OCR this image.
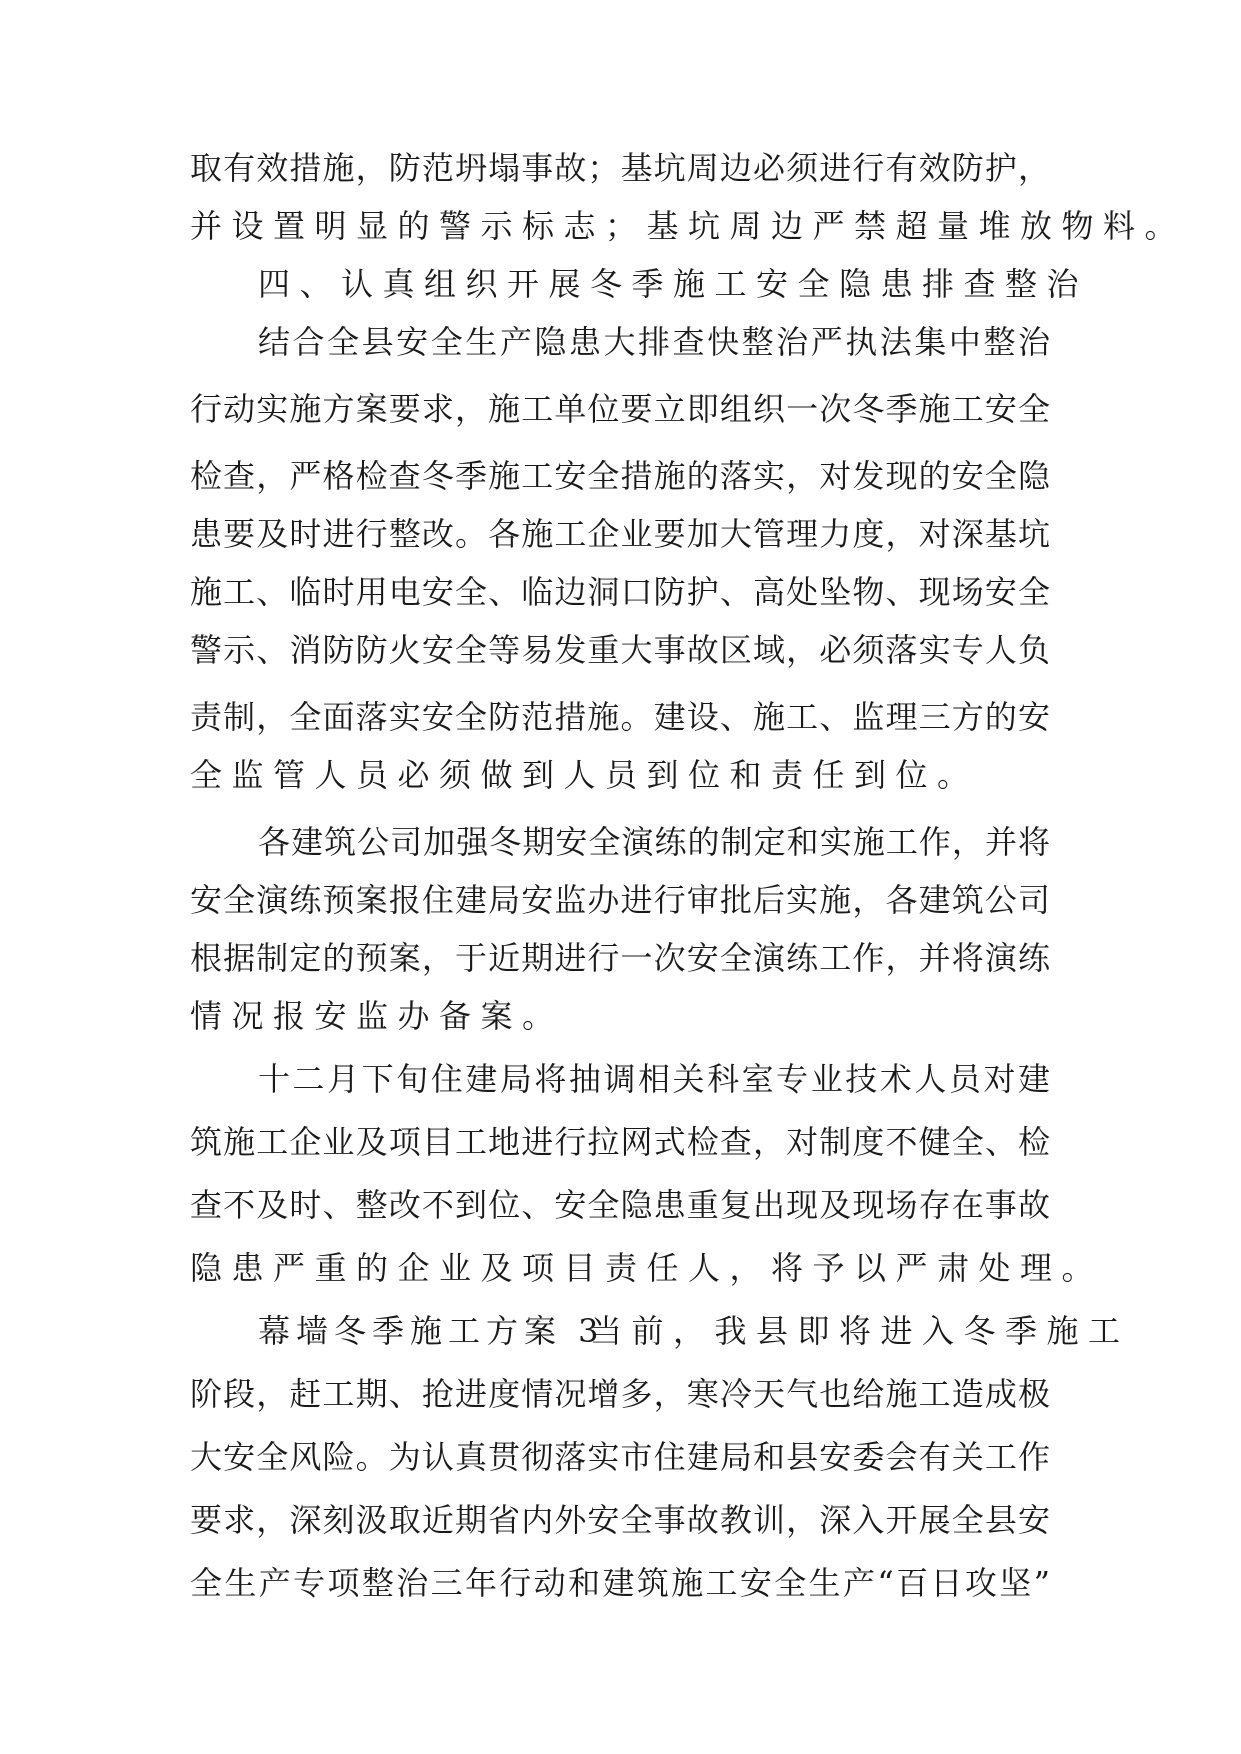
取有效措施，防范坍塌事故；基坑周边必须进行有效防护，
并设置明显的警示标志；基坑周边严禁超量堆放物料。
四、认真组织开展冬季施工安全隐患排查整治
结合全县安全生产隐患大排查快整治严执法集中整治
行动实施方案要求，施工单位要立即组织一次冬季施工安全
检查，严格检查冬季施工安全措施的落实，对发现的安全隐
患要及时进行整改。各施工企业要加大管理力度，对深基坑
施工、临时用电安全、临边洞口防护、高处坠物、现场安全
警示、消防防火安全等易发重大事故区域，必须落实专人负
责制，全面落实安全防范措施。建设、施工、监理三方的安
全监管人员必须做到人员到位和责任到位。
各建筑公司加强冬期安全演练的制定和实施工作，并将
安全演练预案报住建局安监办进行审批后实施，各建筑公司
根据制定的预案，于近期进行一次安全演练工作，并将演练
情况报安监办备案。
十二月下旬住建局将抽调相关科室专业技术人员对建
筑施工企业及项目工地进行拉网式检查，对制度不健全、检
查不及时、整改不到位、安全隐患重复出现及现场存在事故
隐患严重的企业及项目责任人，将予以严肃处理。
幕墙冬季施工方案 3
当前，我县即将进入冬季施工
阶段，赶工期、抢进度情况增多，寒冷天气也给施工造成极
大安全风险。为认真贯彻落实市住建局和县安委会有关工作
要求，深刻汲取近期省内外安全事故教训，深入开展全县安
全生产专项整治三年行动和建筑施工安全生产“百日攻坚”
